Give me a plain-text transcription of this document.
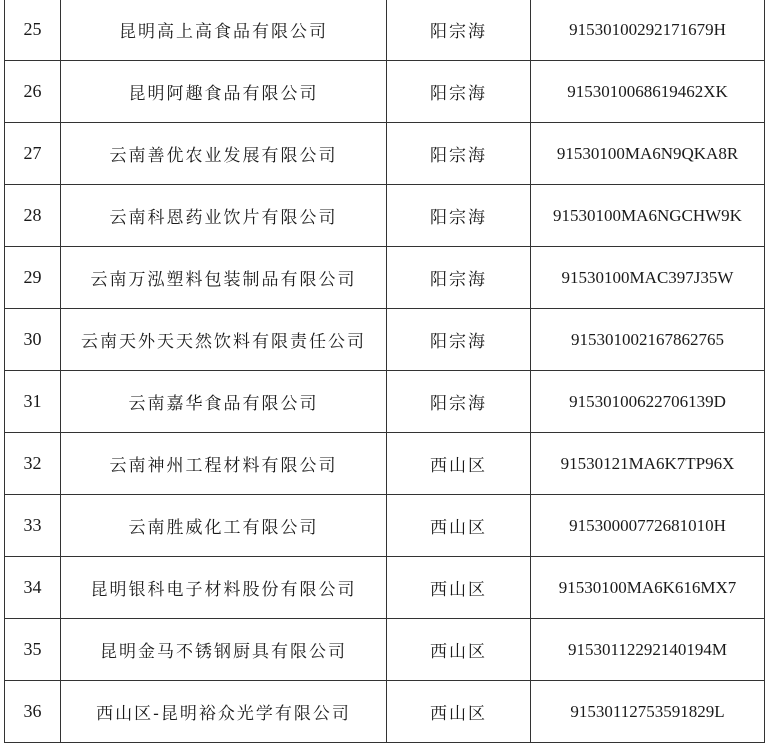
25	昆明高上高食品有限公司	阳宗海	91530100292171679H
26	昆明阿趣食品有限公司	阳宗海	9153010068619462XK
27	云南善优农业发展有限公司	阳宗海	91530100MA6N9QKA8R
28	云南科恩药业饮片有限公司	阳宗海	91530100MA6NGCHW9K
29	云南万泓塑料包装制品有限公司	阳宗海	91530100MAC397J35W
30	云南天外天天然饮料有限责任公司	阳宗海	915301002167862765
31	云南嘉华食品有限公司	阳宗海	91530100622706139D
32	云南神州工程材料有限公司	西山区	91530121MA6K7TP96X
33	云南胜威化工有限公司	西山区	91530000772681010H
34	昆明银科电子材料股份有限公司	西山区	91530100MA6K616MX7
35	昆明金马不锈钢厨具有限公司	西山区	91530112292140194M
36	西山区-昆明裕众光学有限公司	西山区	91530112753591829L
